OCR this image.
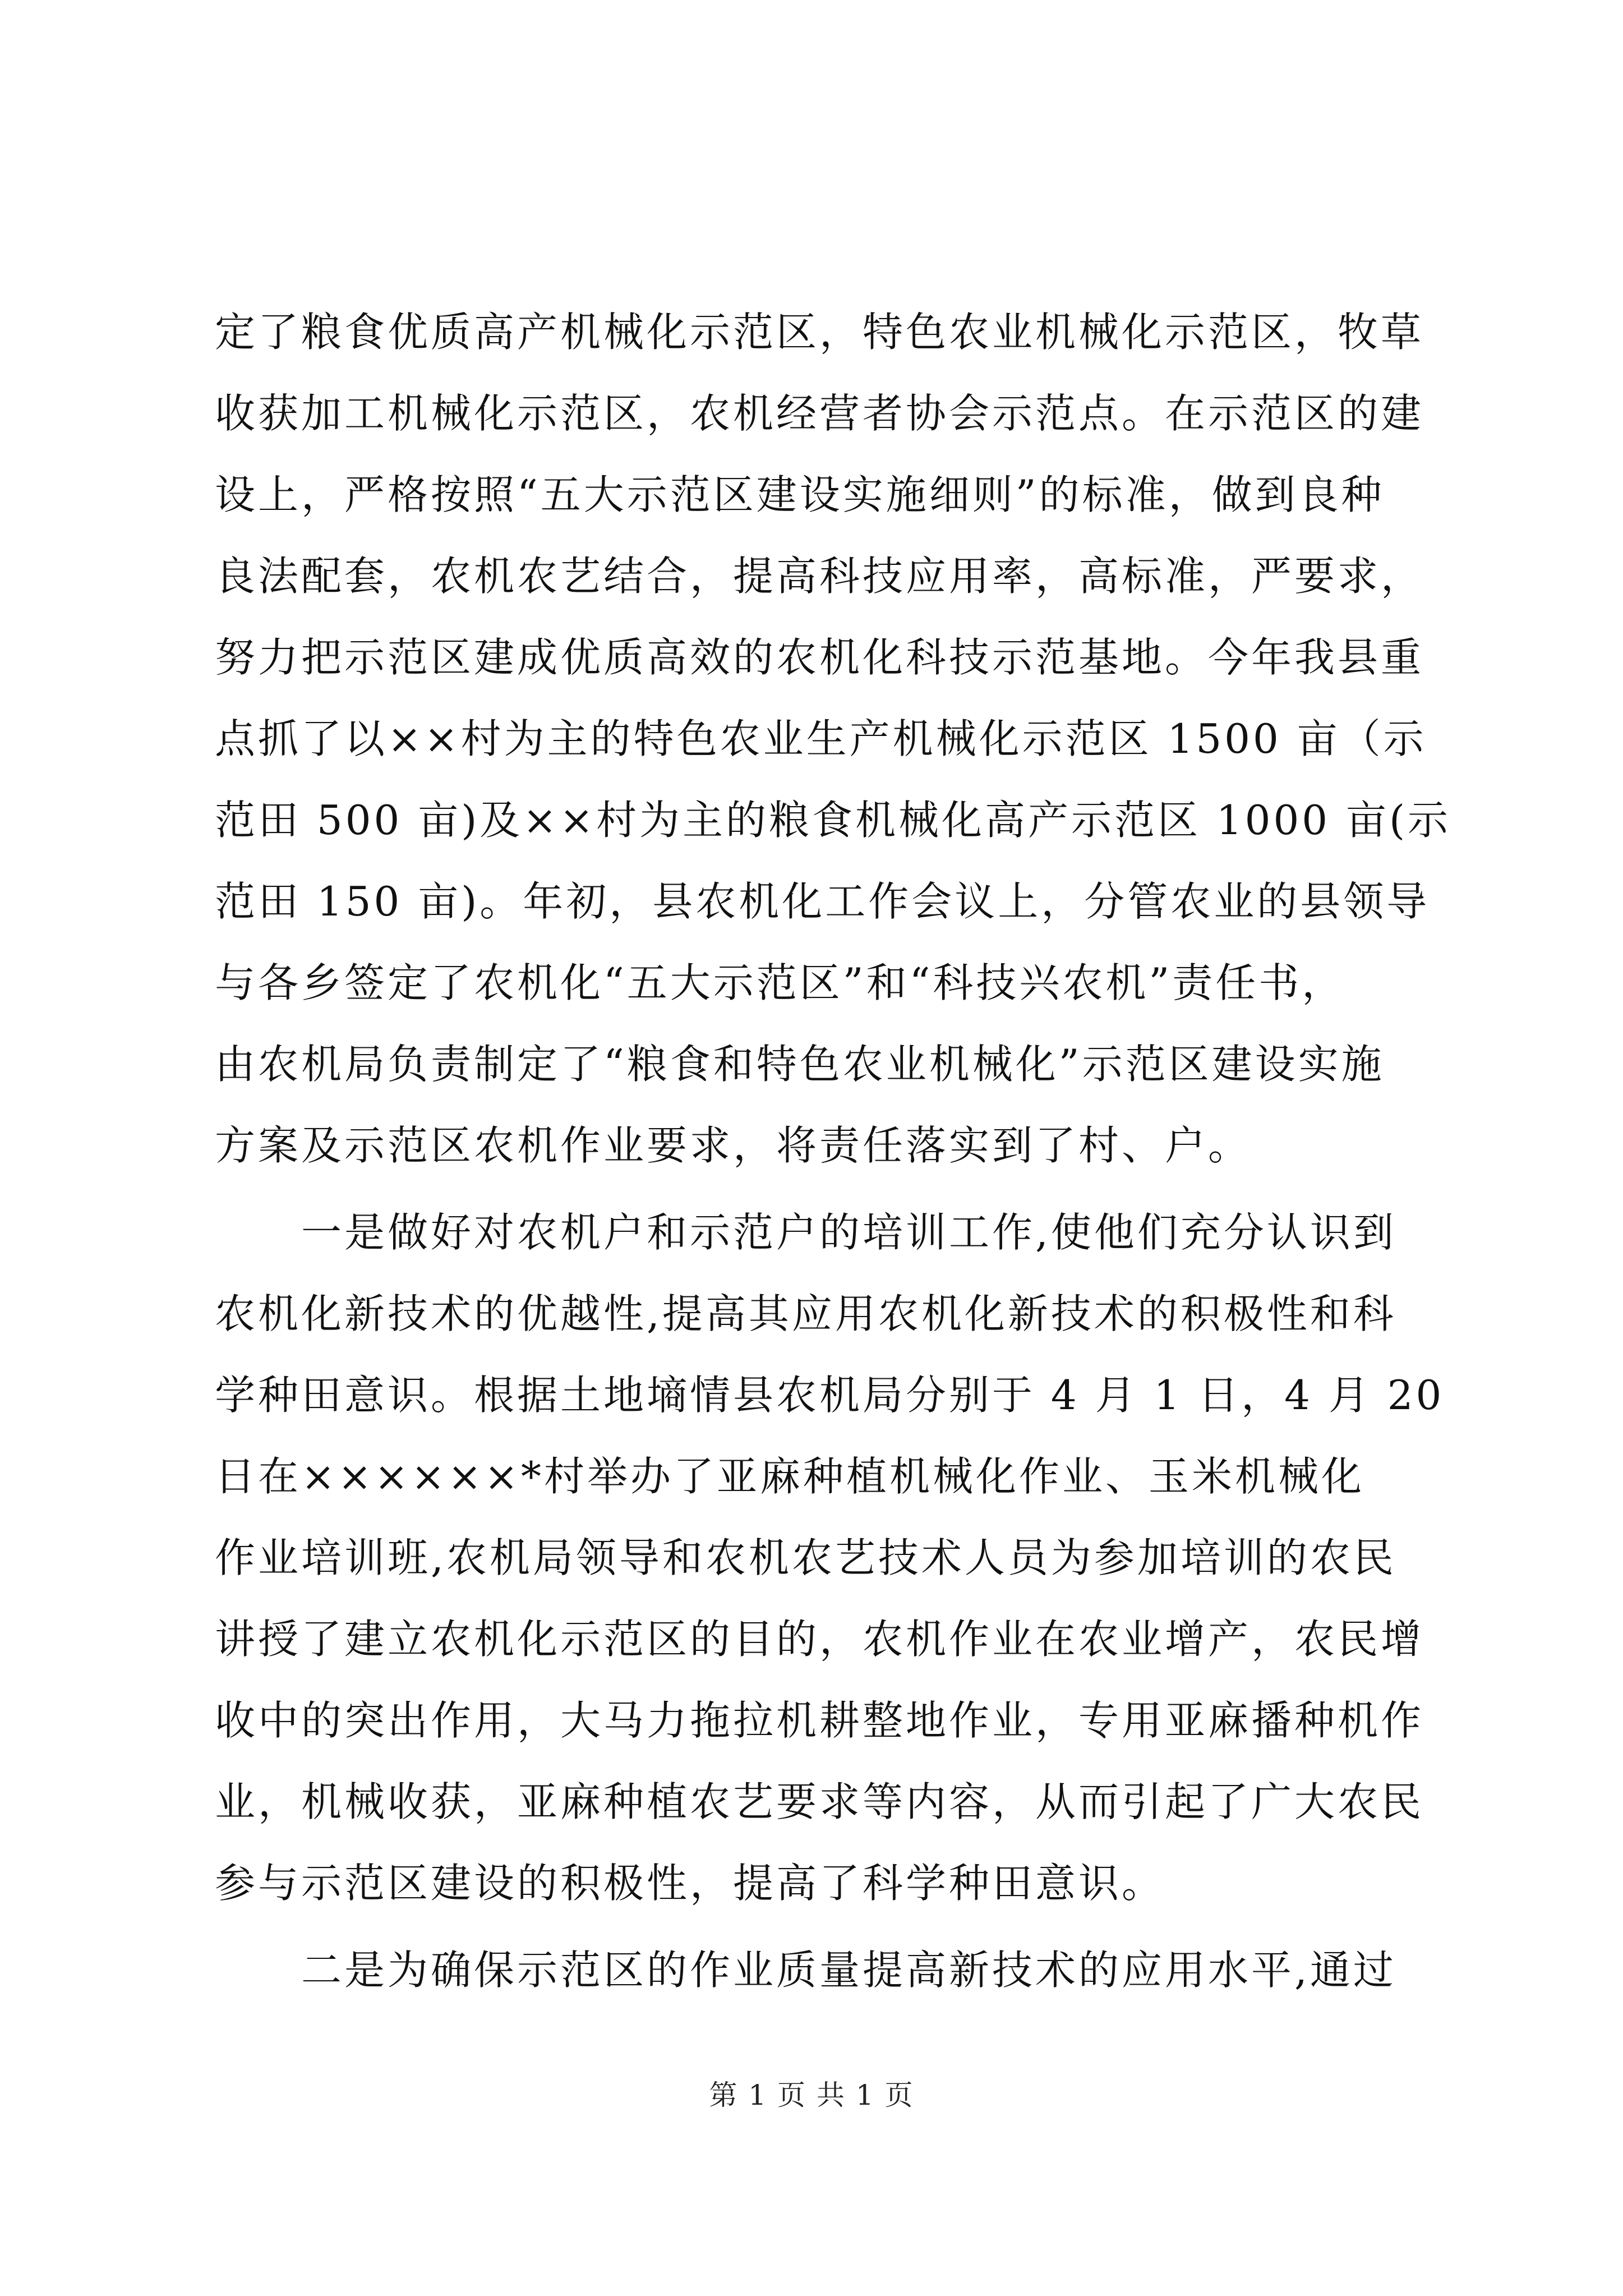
定了粮食优质高产机械化示范区，特色农业机械化示范区，牧草
收获加工机械化示范区，农机经营者协会示范点。在示范区的建
设上，严格按照“五大示范区建设实施细则”的标准，做到良种
良法配套，农机农艺结合，提高科技应用率，高标准，严要求，
努力把示范区建成优质高效的农机化科技示范基地。今年我县重
点抓了以××村为主的特色农业生产机械化示范区 1500 亩（示
范田 500 亩)及××村为主的粮食机械化高产示范区 1000 亩(示
范田 150 亩)。年初，县农机化工作会议上，分管农业的县领导
与各乡签定了农机化“五大示范区”和“科技兴农机”责任书，
由农机局负责制定了“粮食和特色农业机械化”示范区建设实施
方案及示范区农机作业要求，将责任落实到了村、户。
一是做好对农机户和示范户的培训工作,使他们充分认识到
农机化新技术的优越性,提高其应用农机化新技术的积极性和科
学种田意识。根据土地墒情县农机局分别于 4 月 1 日，4 月 20
日在××××××*村举办了亚麻种植机械化作业、玉米机械化
作业培训班,农机局领导和农机农艺技术人员为参加培训的农民
讲授了建立农机化示范区的目的，农机作业在农业增产，农民增
收中的突出作用，大马力拖拉机耕整地作业，专用亚麻播种机作
业，机械收获，亚麻种植农艺要求等内容，从而引起了广大农民
参与示范区建设的积极性，提高了科学种田意识。
二是为确保示范区的作业质量提高新技术的应用水平,通过
第 1 页 共 1 页
